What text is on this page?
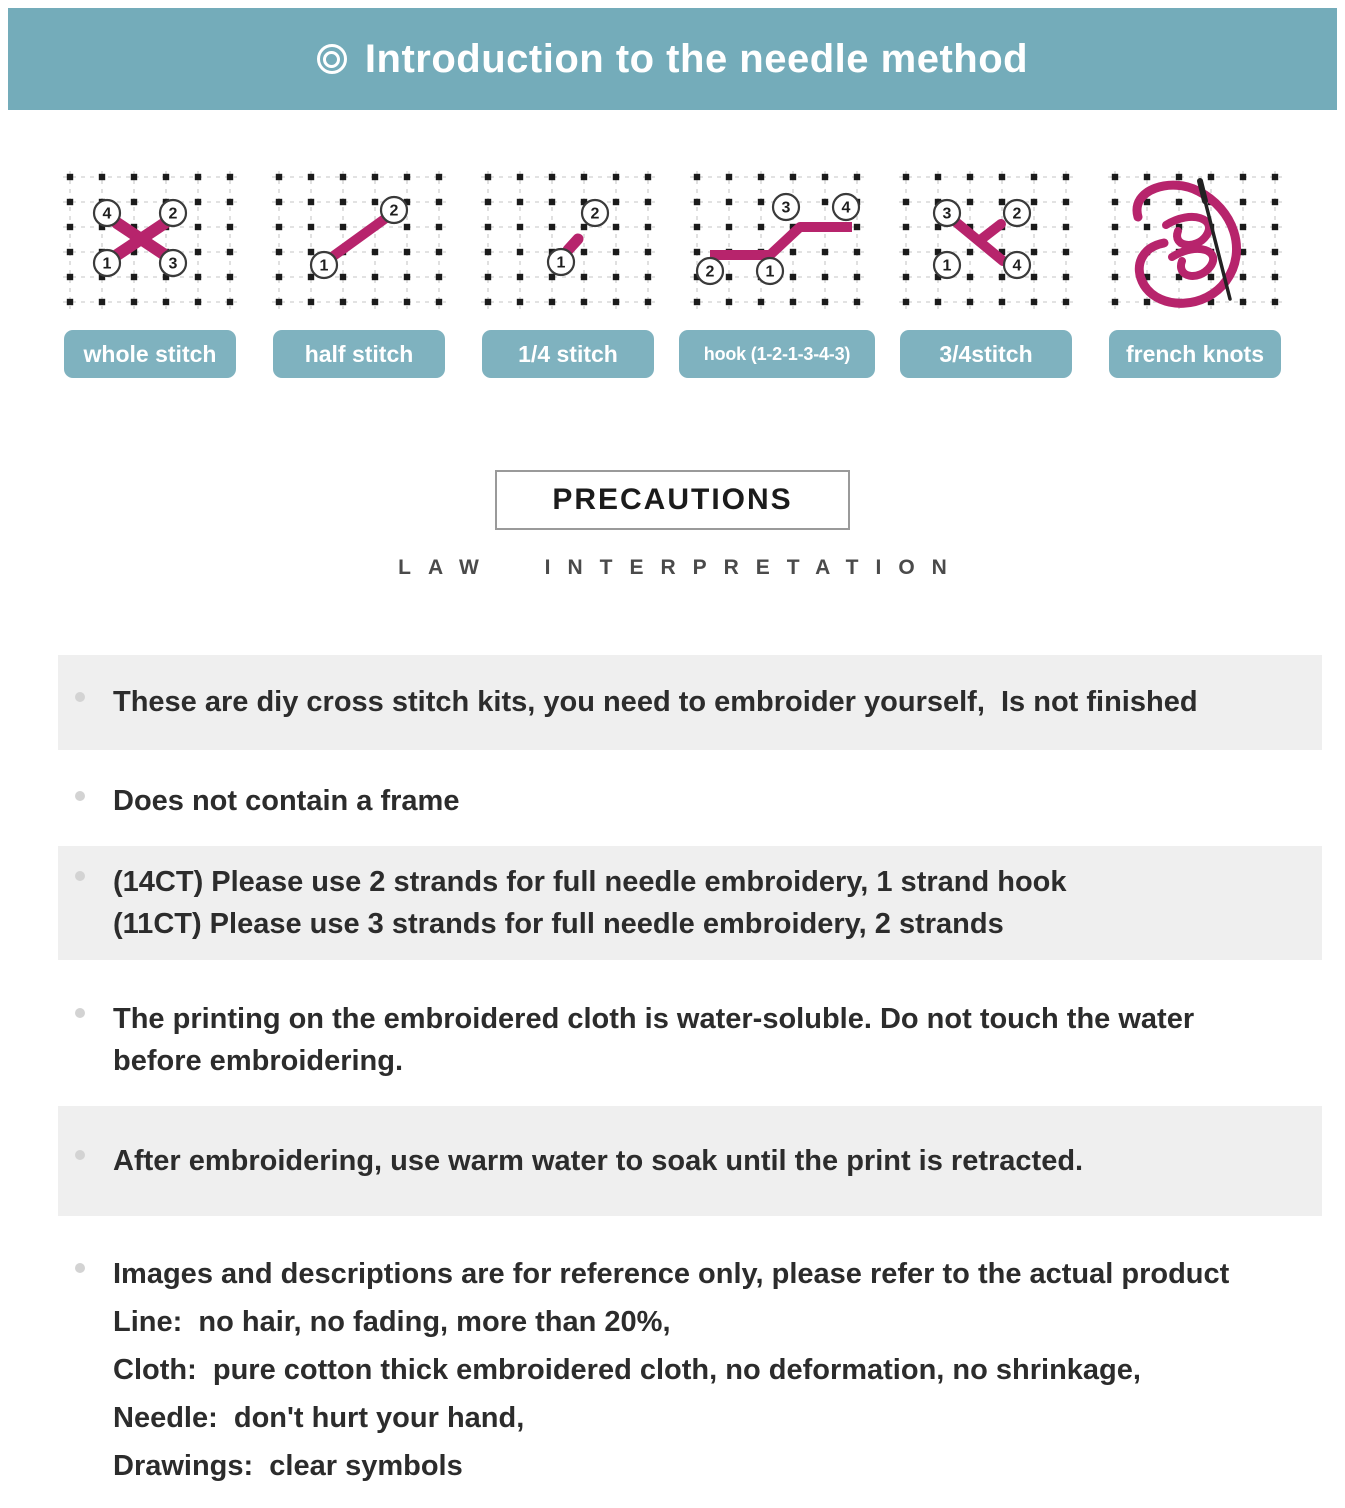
Introduction to the needle method
4	2
1	3
whole stitch
1
2
half stitch
1
2
1/4 stitch
2	1
3	4
hook (1-2-1-3-4-3)
3	2
1	4
3/4stitch	french knots
PRECAUTIONS
LAW INTERPRETATION
These are diy cross stitch kits, you need to embroider yourself,  Is not finished
Does not contain a frame
(14CT) Please use 2 strands for full needle embroidery, 1 strand hook
(11CT) Please use 3 strands for full needle embroidery, 2 strands
The printing on the embroidered cloth is water-soluble. Do not touch the water
before embroidering.
After embroidering, use warm water to soak until the print is retracted.
Images and descriptions are for reference only, please refer to the actual product
Line:  no hair, no fading, more than 20%,
Cloth:  pure cotton thick embroidered cloth, no deformation, no shrinkage,
Needle:  don't hurt your hand,
Drawings:  clear symbols
